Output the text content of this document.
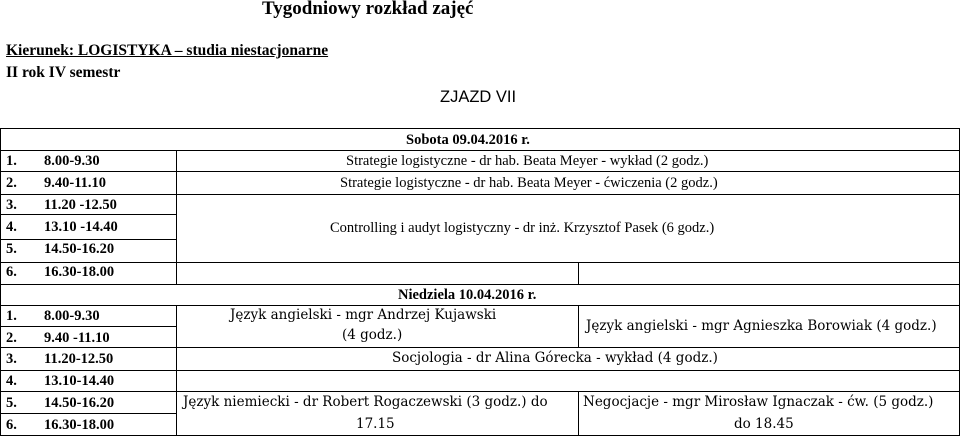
Tygodniowy rozkład zajęć
Kierunek: LOGISTYKA – studia niestacjonarne
II rok IV semestr
ZJAZD VII
Sobota 09.04.2016 r.
1. 8.00-9.30
2. 9.40-11.10
3. 11.20 -12.50
4. 13.10 -14.40
5. 14.50-16.20
6. 16.30-18.00
Strategie logistyczne - dr hab. Beata Meyer - wykład (2 godz.)
Strategie logistyczne - dr hab. Beata Meyer - ćwiczenia (2 godz.)
Controlling i audyt logistyczny - dr inż. Krzysztof Pasek (6 godz.)
Niedziela 10.04.2016 r.
1. 8.00-9.30
2. 9.40 -11.10
3. 11.20-12.50
4. 13.10-14.40
5. 14.50-16.20
6. 16.30-18.00
Język angielski - mgr Andrzej Kujawski
(4 godz.)
Język angielski - mgr Agnieszka Borowiak (4 godz.)
Socjologia - dr Alina Górecka - wykład (4 godz.)
Język niemiecki - dr Robert Rogaczewski (3 godz.) do
17.15
Negocjacje - mgr Mirosław Ignaczak - ćw. (5 godz.)
do 18.45
